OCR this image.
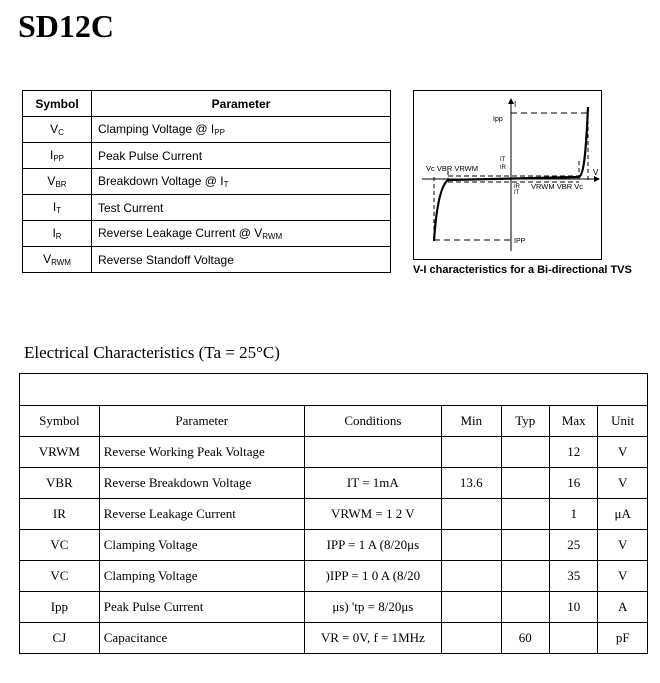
SD12C
Symbol	Parameter
$V_C$	Clamping Voltage @ $I_{PP}$
$I_{PP}$	Peak Pulse Current
$V_{BR}$	Breakdown Voltage @ $I_T$
$I_T$	Test Current
$I_R$	Reverse Leakage Current @ $V_{RWM}$
$V_{RWM}$	Reverse Standoff Voltage
Ipp
I
V
Vc VBR VRWM
IT
IR
IR
IT
VRWM VBR Vc
IPP
V-I characteristics for a Bi-directional TVS
Electrical Characteristics (Ta = 25°C)

Symbol	Parameter	Conditions	Min	Typ	Max	Unit
VRWM	Reverse Working Peak Voltage				12	V
VBR	Reverse Breakdown Voltage	IT = 1mA	13.6		16	V
IR	Reverse Leakage Current	VRWM = 1 2 V			1	μA
VC	Clamping Voltage	IPP = 1 A (8/20μs			25	V
VC	Clamping Voltage	)IPP = 1 0 A (8/20			35	V
Ipp	Peak Pulse Current	μs) 'tp = 8/20μs			10	A
CJ	Capacitance	VR = 0V, f = 1MHz		60		pF
